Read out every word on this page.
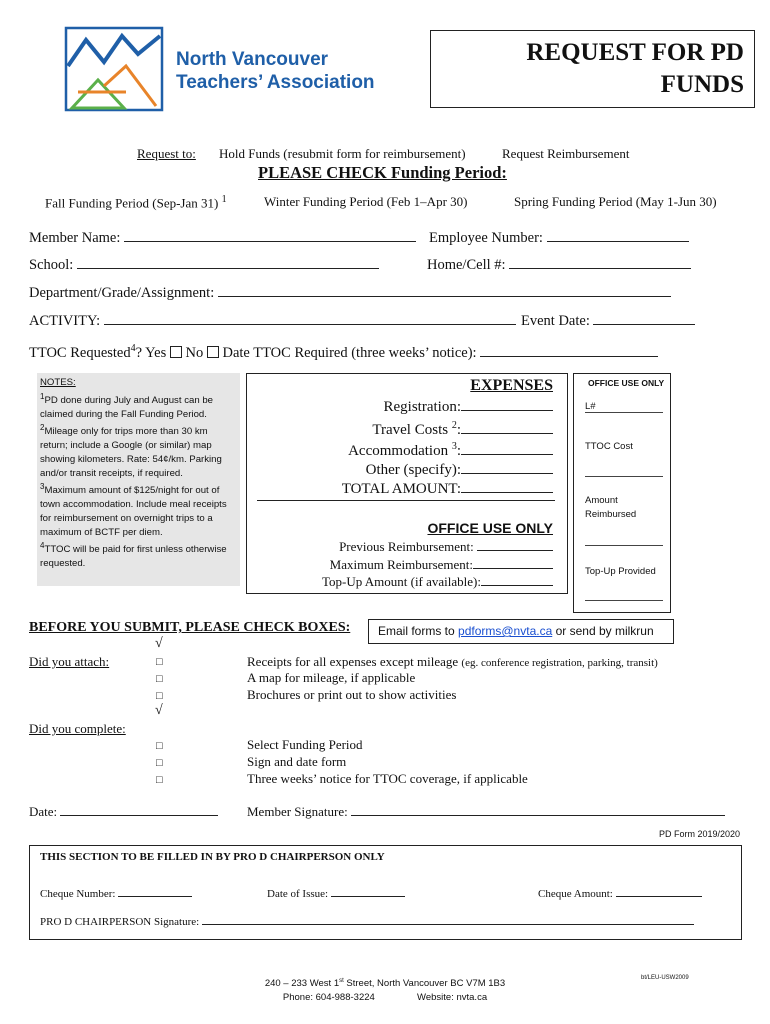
North Vancouver
Teachers’ Association
REQUEST FOR PD
FUNDS
Request to: Hold Funds (resubmit form for reimbursement)	Request Reimbursement
PLEASE CHECK Funding Period:
Fall Funding Period (Sep-Jan 31) $^1$	Winter Funding Period (Feb 1–Apr 30)	Spring Funding Period (May 1-Jun 30)
Member Name:	Employee Number:
School:	Home/Cell #:
Department/Grade/Assignment:
ACTIVITY:	Event Date:
TTOC Requested$^4$? Yes No Date TTOC Required (three weeks’ notice):
NOTES:
$^1$PD done during July and August can be claimed during the Fall Funding Period.
$^2$Mileage only for trips more than 30 km return; include a Google (or similar) map showing kilometers. Rate: 54¢/km. Parking and/or transit receipts, if required.
$^3$Maximum amount of $125/night for out of town accommodation. Include meal receipts for reimbursement on overnight trips to a maximum of BCTF per diem.
$^4$TTOC will be paid for first unless otherwise requested.
EXPENSES
Registration:
Travel Costs $^2$:
Accommodation $^3$:
Other (specify):
TOTAL AMOUNT:
OFFICE USE ONLY
Previous Reimbursement:
Maximum Reimbursement:
Top-Up Amount (if available):
OFFICE USE ONLY
L#
TTOC Cost
Amount
Reimbursed
Top-Up Provided
BEFORE YOU SUBMIT, PLEASE CHECK BOXES:	Email forms to pdforms@nvta.ca or send by milkrun
√
Did you attach:	□	Receipts for all expenses except mileage (eg. conference registration, parking, transit)
□	A map for mileage, if applicable
□	Brochures or print out to show activities
√
Did you complete:
□	Select Funding Period
□	Sign and date form
□	Three weeks’ notice for TTOC coverage, if applicable
Date:	Member Signature:
PD Form 2019/2020
THIS SECTION TO BE FILLED IN BY PRO D CHAIRPERSON ONLY
Cheque Number:	Date of Issue:	Cheque Amount:
PRO D CHAIRPERSON Signature:
240 – 233 West 1st Street, North Vancouver BC V7M 1B3
Phone: 604-988-3224	Website: nvta.ca
bt/LEU-USW2009
